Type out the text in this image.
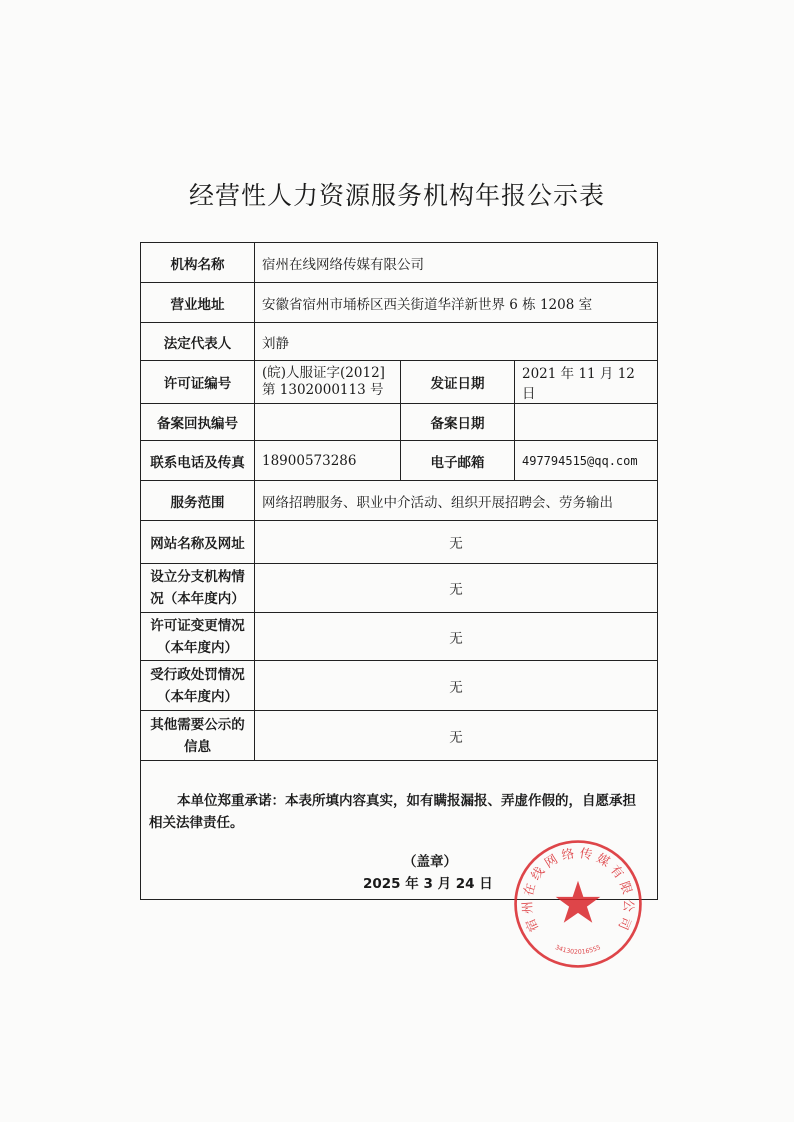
经营性人力资源服务机构年报公示表
机构名称	宿州在线网络传媒有限公司		
营业地址	安徽省宿州市埇桥区西关街道华洋新世界 6 栋 1208 室		
法定代表人	刘静		
许可证编号	(皖)人服证字(2012]
第 1302000113 号	发证日期	2021 年 11 月 12 日
备案回执编号		备案日期	
联系电话及传真	18900573286	电子邮箱	497794515@qq.com
服务范围	网络招聘服务、职业中介活动、组织开展招聘会、劳务输出		
网站名称及网址	无		

设立分支机构情
况（本年度内）	无		

许可证变更情况
（本年度内）	无		

受行政处罚情况
（本年度内）	无		

其他需要公示的
信息	无		

本单位郑重承诺：本表所填内容真实，如有瞒报漏报、弄虚作假的，自愿承担相关法律责任。

（盖章）
2025 年 3 月 24 日
宿州在线网络传媒有限公司
341302016555
